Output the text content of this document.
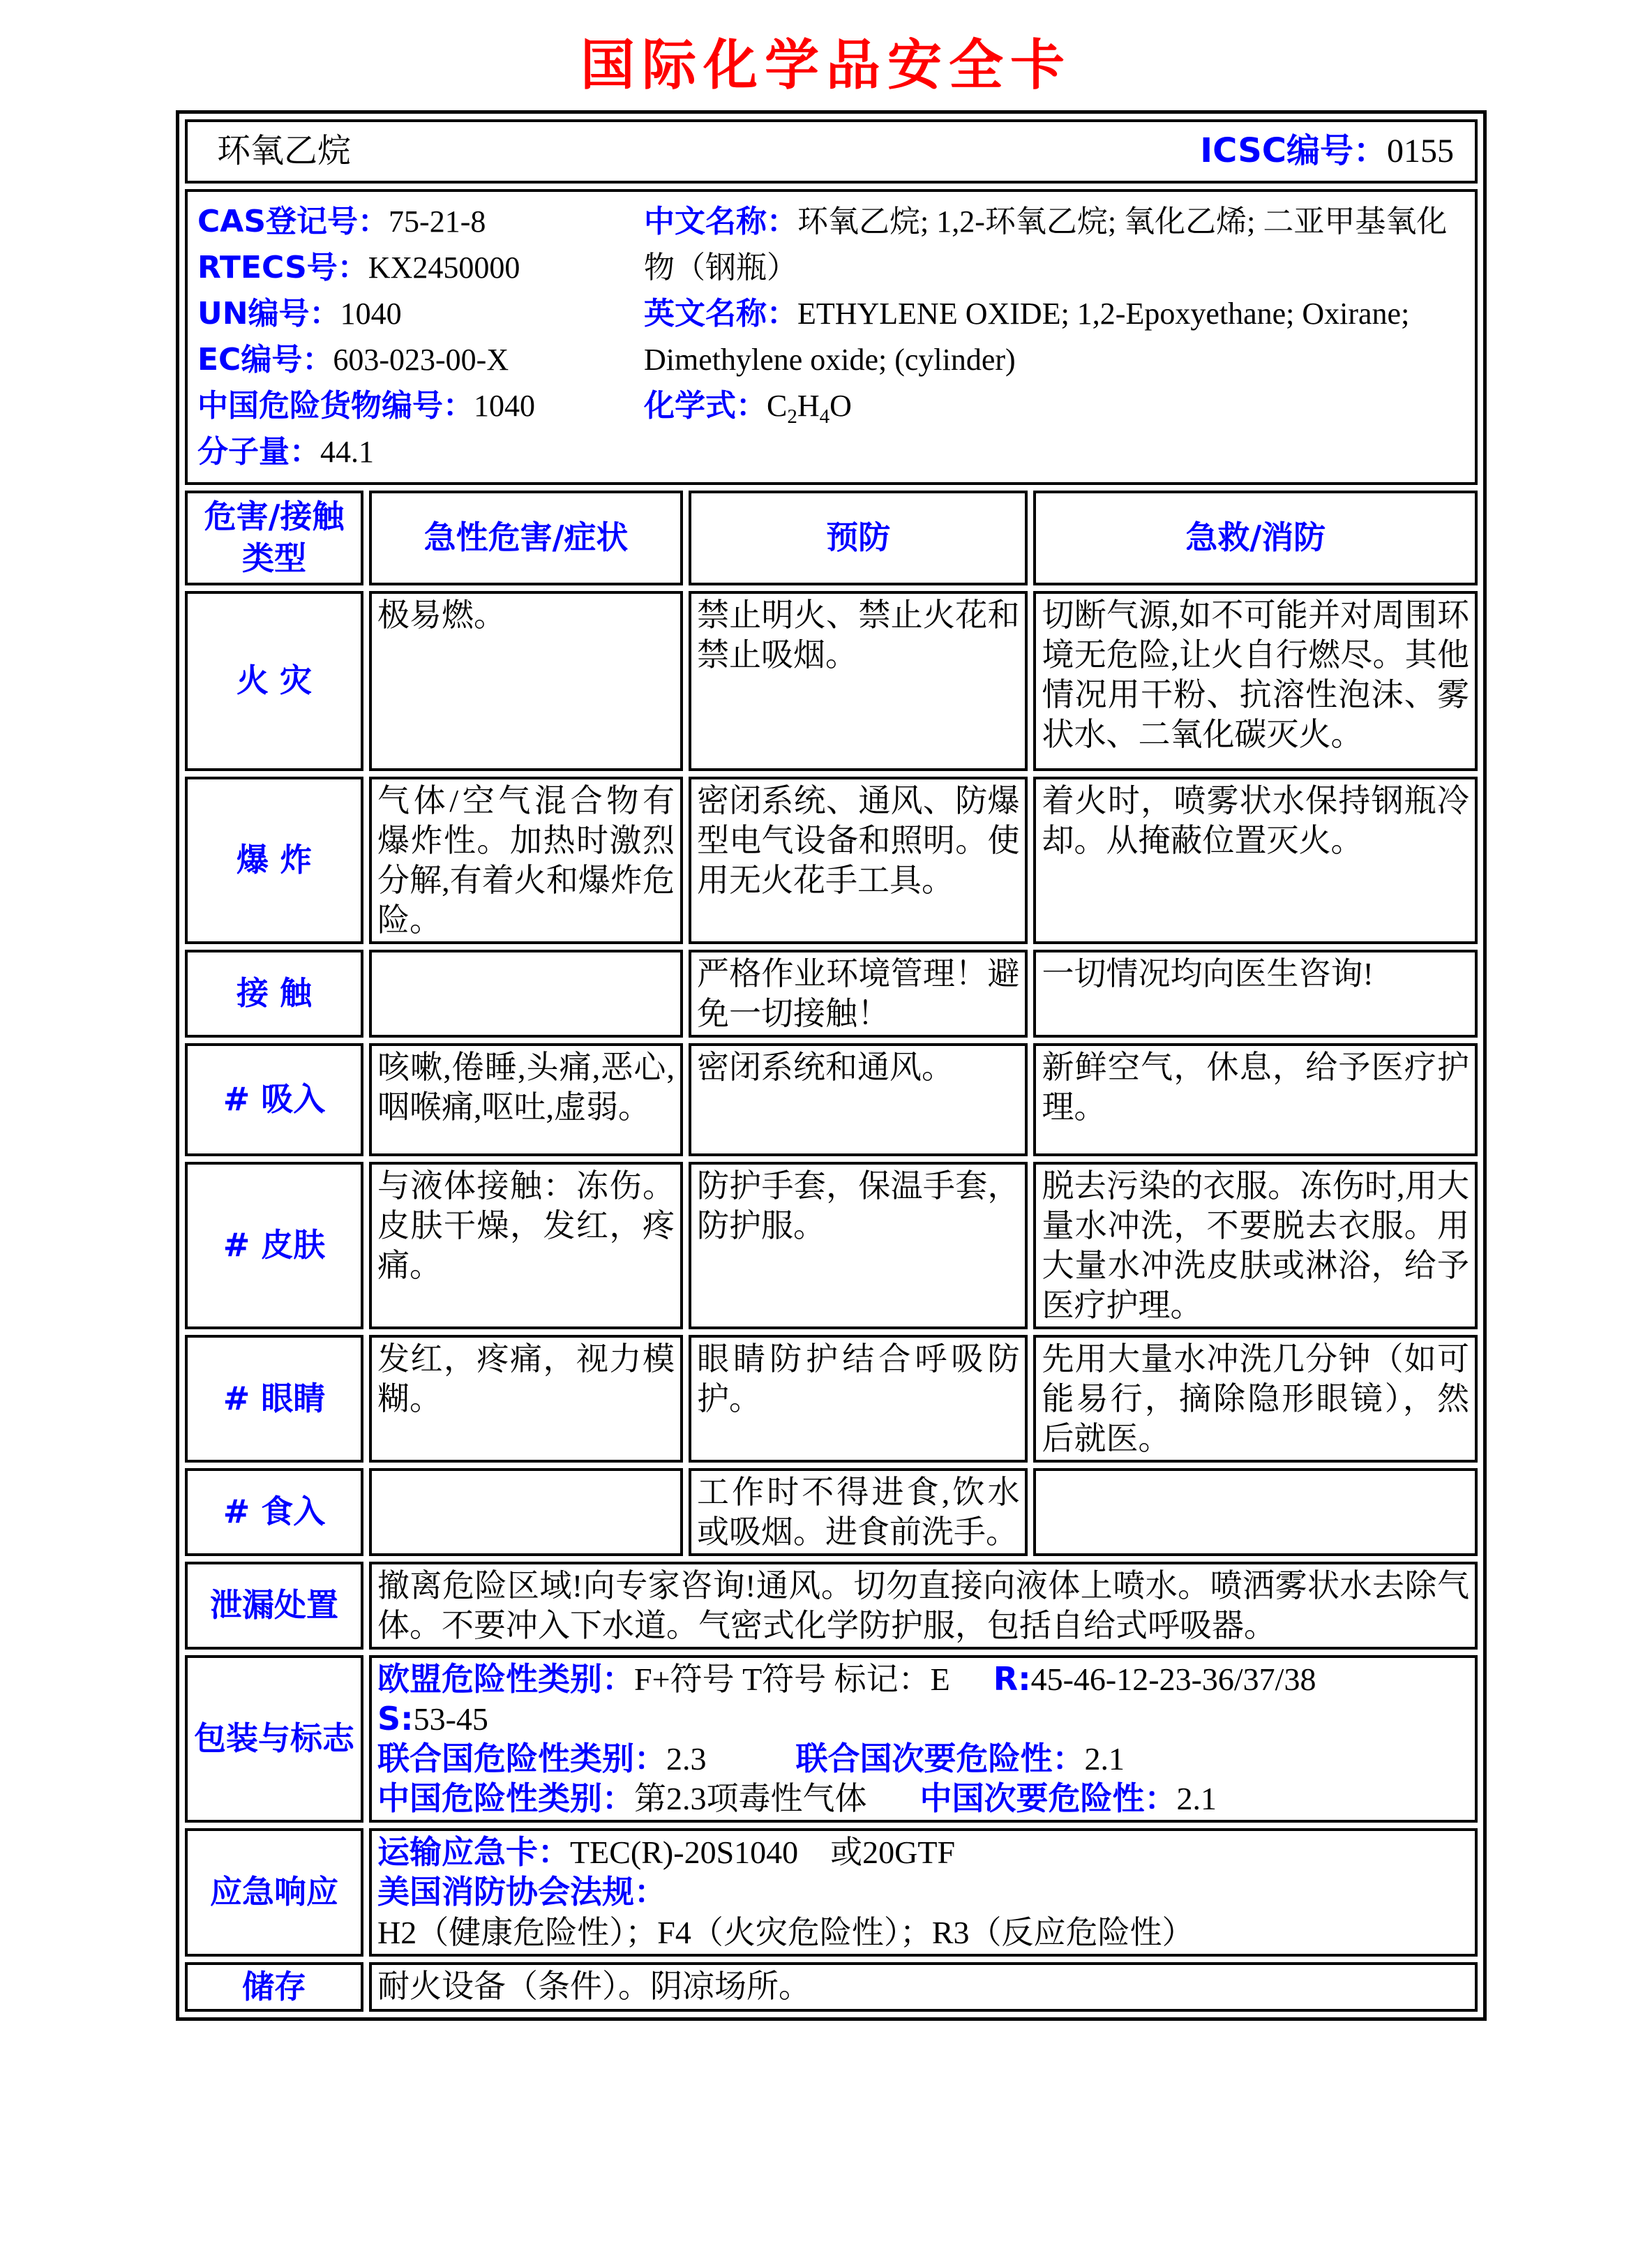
国际化学品安全卡
ICSC编号：0155
环氧乙烷			

CAS登记号：75-21-8

RTECS号：KX2450000

UN编号：1040

EC编号：603-023-00-X

中国危险货物编号：1040

分子量：44.1

中文名称：环氧乙烷; 1,2-环氧乙烷; 氧化乙烯; 二亚甲基氧化物（钢瓶）

英文名称：ETHYLENE OXIDE; 1,2-Epoxyethane; Oxirane; Dimethylene oxide; (cylinder)

化学式：$C_2H_4O$

危害/接触类型	急性危害/症状	预防	急救/消防
火 灾	极易燃。	禁止明火、禁止火花和禁止吸烟。	切断气源,如不可能并对周围环境无危险,让火自行燃尽。其他情况用干粉、抗溶性泡沫、雾状水、二氧化碳灭火。
爆 炸	气体/空气混合物有爆炸性。加热时激烈分解,有着火和爆炸危险。	密闭系统、通风、防爆型电气设备和照明。使用无火花手工具。	着火时，喷雾状水保持钢瓶冷却。从掩蔽位置灭火。
接 触		严格作业环境管理！避免一切接触！	一切情况均向医生咨询!
# 吸入	咳嗽,倦睡,头痛,恶心,咽喉痛,呕吐,虚弱。	密闭系统和通风。	新鲜空气，休息，给予医疗护理。
# 皮肤	与液体接触：冻伤。皮肤干燥，发红，疼痛。	防护手套，保温手套，防护服。	脱去污染的衣服。冻伤时,用大量水冲洗，不要脱去衣服。用大量水冲洗皮肤或淋浴，给予医疗护理。
# 眼睛	发红，疼痛，视力模糊。	眼睛防护结合呼吸防护。	先用大量水冲洗几分钟（如可能易行，摘除隐形眼镜），然后就医。
# 食入		工作时不得进食,饮水或吸烟。进食前洗手。	
泄漏处置	撤离危险区域!向专家咨询!通风。切勿直接向液体上喷水。喷洒雾状水去除气体。不要冲入下水道。气密式化学防护服，包括自给式呼吸器。		
包装与标志	欧盟危险性类别：F+符号 T符号 标记：E R:45-46-12-23-36/37/38

S:53-45

联合国危险性类别：2.3 联合国次要危险性：2.1

中国危险性类别：第2.3项毒性气体 中国次要危险性：2.1		

应急响应	运输应急卡：TEC(R)-20S1040　或20GTF

美国消防协会法规：H2（健康危险性）；F4（火灾危险性）；R3（反应危险性）		

储存	耐火设备（条件）。阴凉场所。		
